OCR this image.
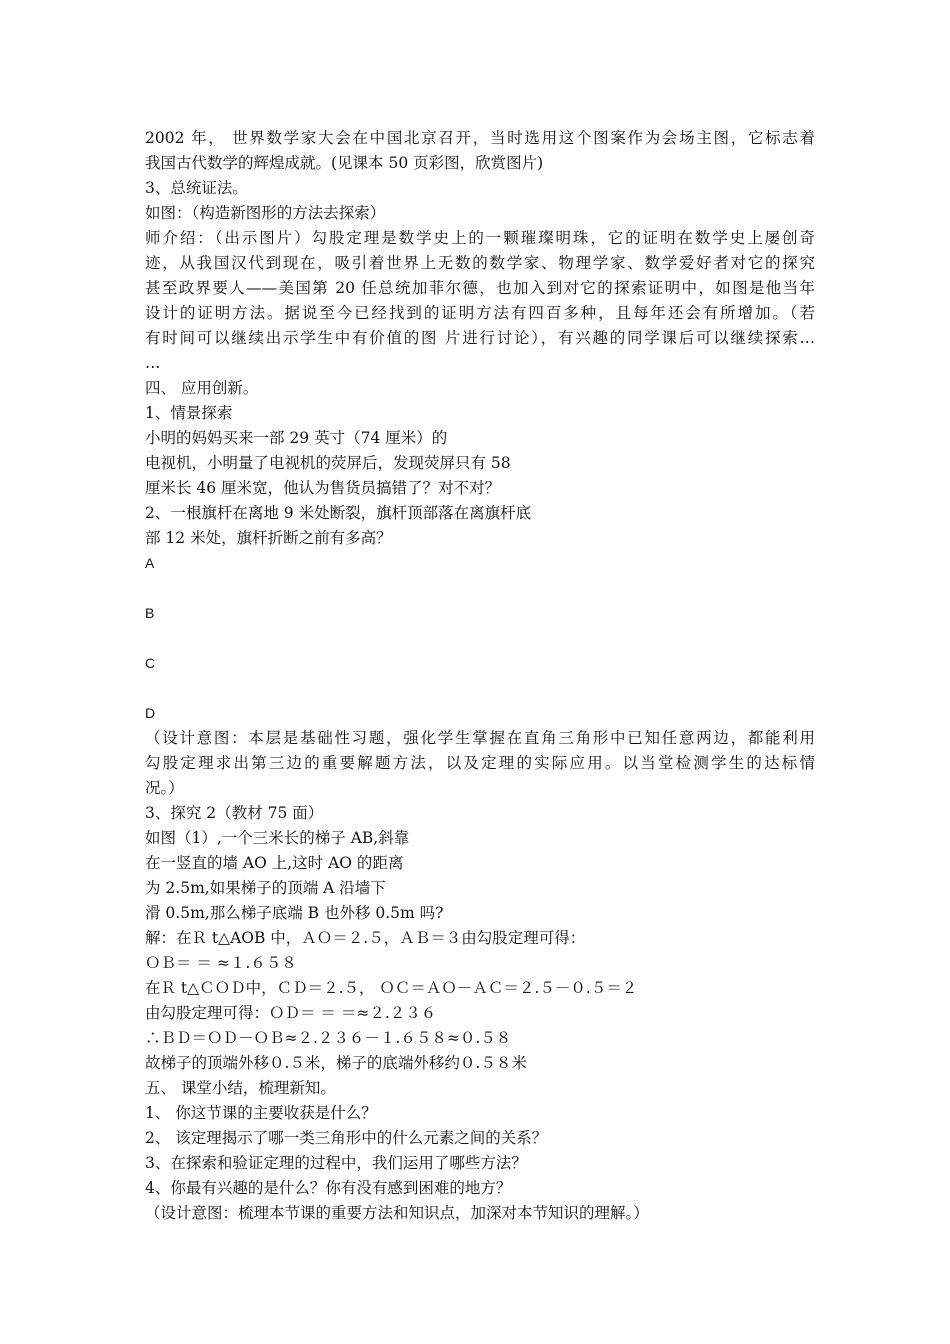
2002 年， 世界数学家大会在中国北京召开，当时选用这个图案作为会场主图，它标志着
我国古代数学的辉煌成就。(见课本 50 页彩图，欣赏图片)
3、总统证法。
如图：（构造新图形的方法去探索）
师介绍：（出示图片）勾股定理是数学史上的一颗璀璨明珠，它的证明在数学史上屡创奇
迹，从我国汉代到现在，吸引着世界上无数的数学家、物理学家、数学爱好者对它的探究
甚至政界要人——美国第 20 任总统加菲尔德，也加入到对它的探索证明中，如图是他当年
设计的证明方法。据说至今已经找到的证明方法有四百多种，且每年还会有所增加。（若
有时间可以继续出示学生中有价值的图 片进行讨论），有兴趣的同学课后可以继续探索…
…
四、 应用创新。
1、情景探索
小明的妈妈买来一部 29 英寸（74 厘米）的
电视机，小明量了电视机的荧屏后，发现荧屏只有 58
厘米长 46 厘米宽，他认为售货员搞错了？对不对？
2、一根旗杆在离地 9 米处断裂，旗杆顶部落在离旗杆底
部 12 米处，旗杆折断之前有多高？
A
B
C
D
（设计意图：本层是基础性习题，强化学生掌握在直角三角形中已知任意两边，都能利用
勾股定理求出第三边的重要解题方法，以及定理的实际应用。以当堂检测学生的达标情
况。）
3、探究 2（教材 75 面）
如图（1）,一个三米长的梯子 AB,斜靠
在一竖直的墙 AO 上,这时 AO 的距离
为 2.5m,如果梯子的顶端 A 沿墙下
滑 0.5m,那么梯子底端 B 也外移 0.5m 吗?
解：在Ｒ t△AOB 中，ＡＯ＝２.５，ＡＢ＝３由勾股定理可得：
ＯＢ＝ ＝ ≈１.６５８
在Ｒ t△ＣＯＤ中，ＣＤ＝２.５， ＯＣ＝ＡＯ－ＡＣ＝２.５－０.５＝２
由勾股定理可得：ＯＤ＝ ＝ ＝≈２.２３６
∴ＢＤ＝ＯＤ－ＯＢ≈２.２３６－１.６５８≈０.５８
故梯子的顶端外移０.５米，梯子的底端外移约０.５８米
五、 课堂小结，梳理新知。
1、 你这节课的主要收获是什么？
2、 该定理揭示了哪一类三角形中的什么元素之间的关系？
3、在探索和验证定理的过程中，我们运用了哪些方法？
4、你最有兴趣的是什么？你有没有感到困难的地方？
（设计意图：梳理本节课的重要方法和知识点，加深对本节知识的理解。）
